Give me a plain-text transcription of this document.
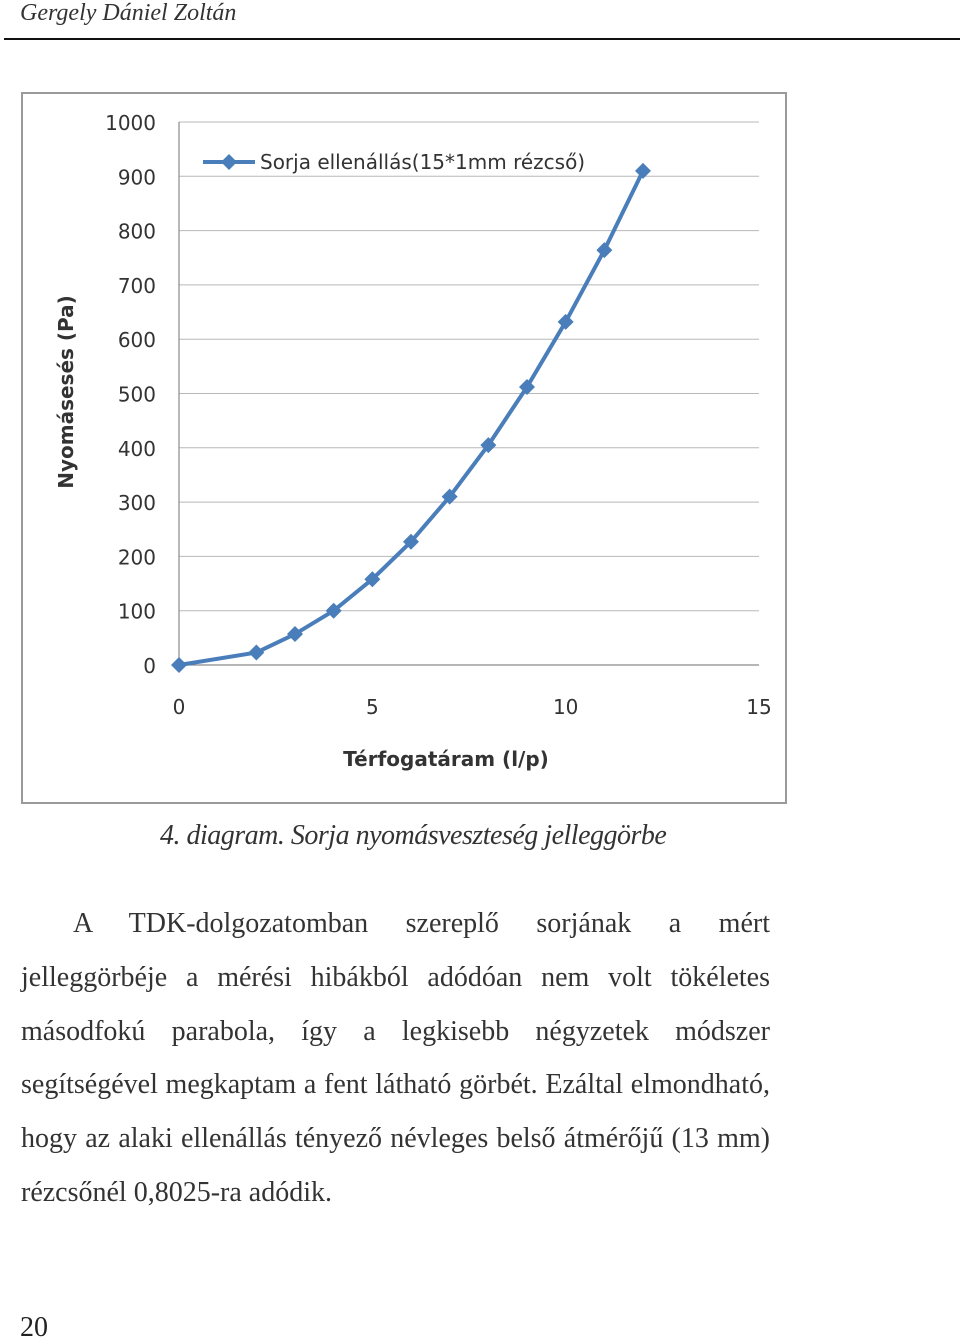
Gergely Dániel Zoltán
0
100
200
300
400
500
600
700
800
900
1000
0	5	10	15
Térfogatáram (l/p)
Nyomásesés (Pa)
Sorja ellenállás(15*1mm rézcső)
4. diagram. Sorja nyomásveszteség jelleggörbe

A TDK-dolgozatomban szereplő sorjának a mért jelleggörbéje a mérési hibákból adódóan nem volt tökéletes másodfokú parabola, így a legkisebb négyzetek módszer segítségével megkaptam a fent látható görbét. Ezáltal elmondható, hogy az alaki ellenállás tényező névleges belső átmérőjű (13 mm) rézcsőnél 0,8025-ra adódik.

20
